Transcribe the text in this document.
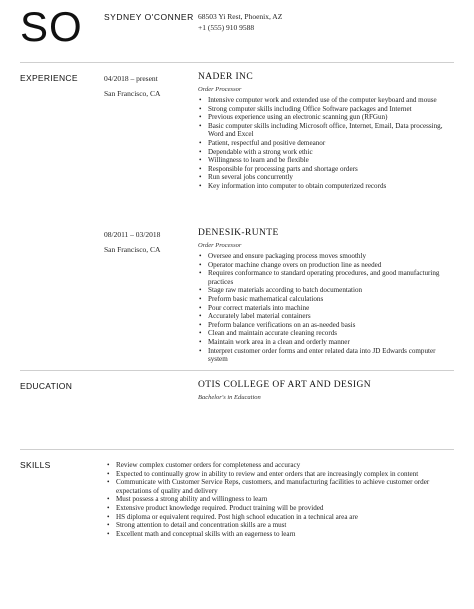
SO	SYDNEY O'CONNER 68503 Yi Rest, Phoenix, AZ
+1 (555) 910 9588
EXPERIENCE	04/2018 – present
San Francisco, CA
NADER INC
Order Processor
• Intensive computer work and extended use of the computer keyboard and mouse
• Strong computer skills including Office Software packages and Internet
• Previous experience using an electronic scanning gun (RFGun)
• Basic computer skills including Microsoft office, Internet, Email, Data processing, Word and Excel
• Patient, respectful and positive demeanor
• Dependable with a strong work ethic
• Willingness to learn and be flexible
• Responsible for processing parts and shortage orders
• Run several jobs concurrently
• Key information into computer to obtain computerized records
08/2011 – 03/2018
San Francisco, CA
DENESIK-RUNTE
Order Processor
• Oversee and ensure packaging process moves smoothly
• Operator machine change overs on production line as needed
• Requires conformance to standard operating procedures, and good manufacturing practices
• Stage raw materials according to batch documentation
• Preform basic mathematical calculations
• Pour correct materials into machine
• Accurately label material containers
• Preform balance verifications on an as-needed basis
• Clean and maintain accurate cleaning records
• Maintain work area in a clean and orderly manner
• Interpret customer order forms and enter related data into JD Edwards computer system
EDUCATION	OTIS COLLEGE OF ART AND DESIGN
Bachelor's in Education
SKILLS
•	Review complex customer orders for completeness and accuracy
• Expected to continually grow in ability to review and enter orders that are increasingly complex in content
• Communicate with Customer Service Reps, customers, and manufacturing facilities to achieve customer order expectations of quality and delivery
• Must possess a strong ability and willingness to learn
• Extensive product knowledge required. Product training will be provided
• HS diploma or equivalent required. Post high school education in a technical area are
• Strong attention to detail and concentration skills are a must
• Excellent math and conceptual skills with an eagerness to learn
